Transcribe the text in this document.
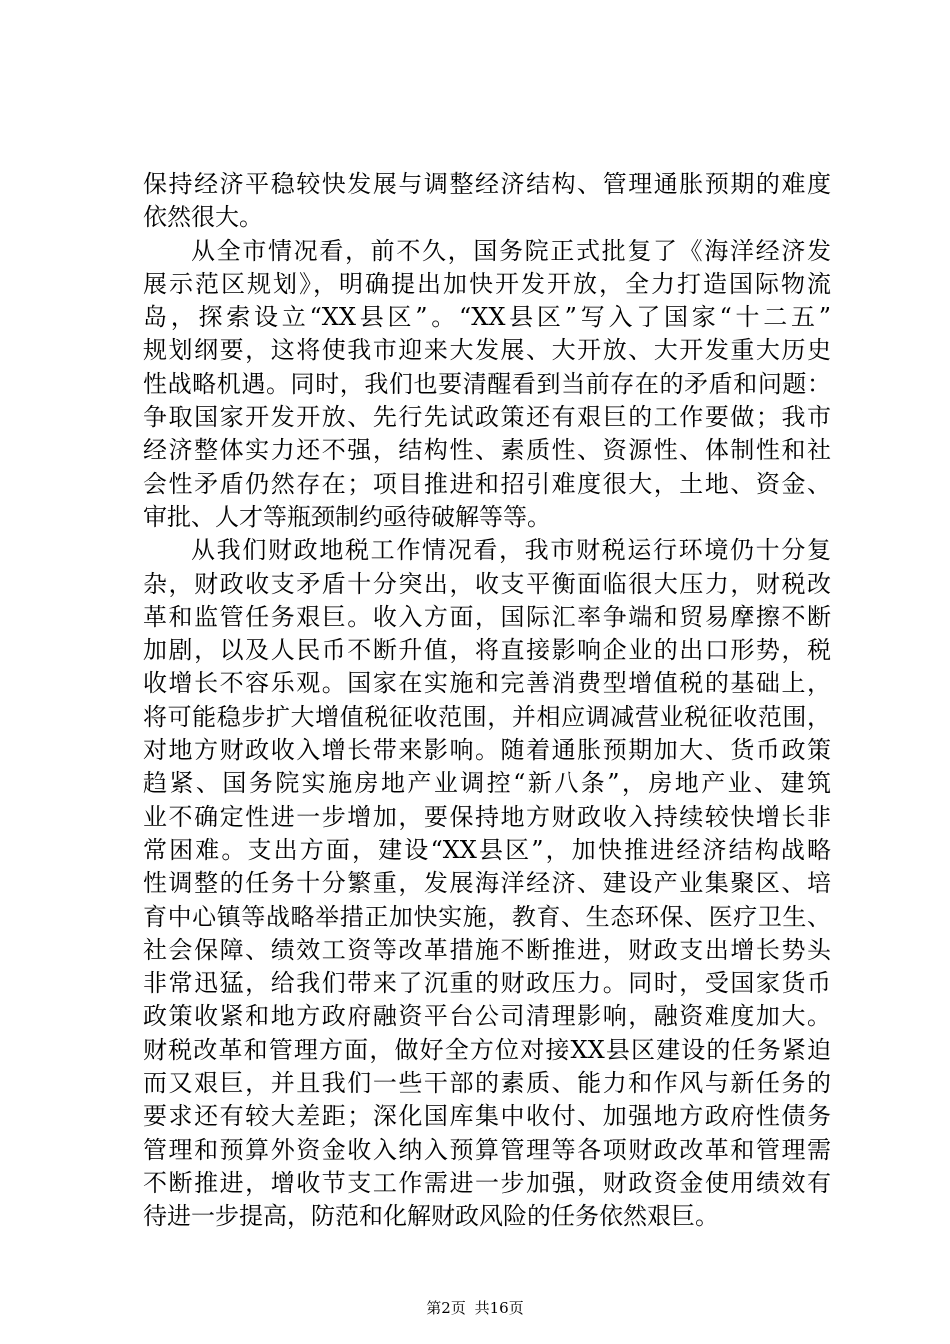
保持经济平稳较快发展与调整经济结构、管理通胀预期的难度
依然很大。
从全市情况看，前不久，国务院正式批复了《海洋经济发
展示范区规划》，明确提出加快开发开放，全力打造国际物流
岛，探索设立“XX县区”。“XX县区”写入了国家“十二五”
规划纲要，这将使我市迎来大发展、大开放、大开发重大历史
性战略机遇。同时，我们也要清醒看到当前存在的矛盾和问题：
争取国家开发开放、先行先试政策还有艰巨的工作要做；我市
经济整体实力还不强，结构性、素质性、资源性、体制性和社
会性矛盾仍然存在；项目推进和招引难度很大，土地、资金、
审批、人才等瓶颈制约亟待破解等等。
从我们财政地税工作情况看，我市财税运行环境仍十分复
杂，财政收支矛盾十分突出，收支平衡面临很大压力，财税改
革和监管任务艰巨。收入方面，国际汇率争端和贸易摩擦不断
加剧，以及人民币不断升值，将直接影响企业的出口形势，税
收增长不容乐观。国家在实施和完善消费型增值税的基础上，
将可能稳步扩大增值税征收范围，并相应调减营业税征收范围，
对地方财政收入增长带来影响。随着通胀预期加大、货币政策
趋紧、国务院实施房地产业调控“新八条”，房地产业、建筑
业不确定性进一步增加，要保持地方财政收入持续较快增长非
常困难。支出方面，建设“XX县区”，加快推进经济结构战略
性调整的任务十分繁重，发展海洋经济、建设产业集聚区、培
育中心镇等战略举措正加快实施，教育、生态环保、医疗卫生、
社会保障、绩效工资等改革措施不断推进，财政支出增长势头
非常迅猛，给我们带来了沉重的财政压力。同时，受国家货币
政策收紧和地方政府融资平台公司清理影响，融资难度加大。
财税改革和管理方面，做好全方位对接XX县区建设的任务紧迫
而又艰巨，并且我们一些干部的素质、能力和作风与新任务的
要求还有较大差距；深化国库集中收付、加强地方政府性债务
管理和预算外资金收入纳入预算管理等各项财政改革和管理需
不断推进，增收节支工作需进一步加强，财政资金使用绩效有
待进一步提高，防范和化解财政风险的任务依然艰巨。
第2页 共16页
